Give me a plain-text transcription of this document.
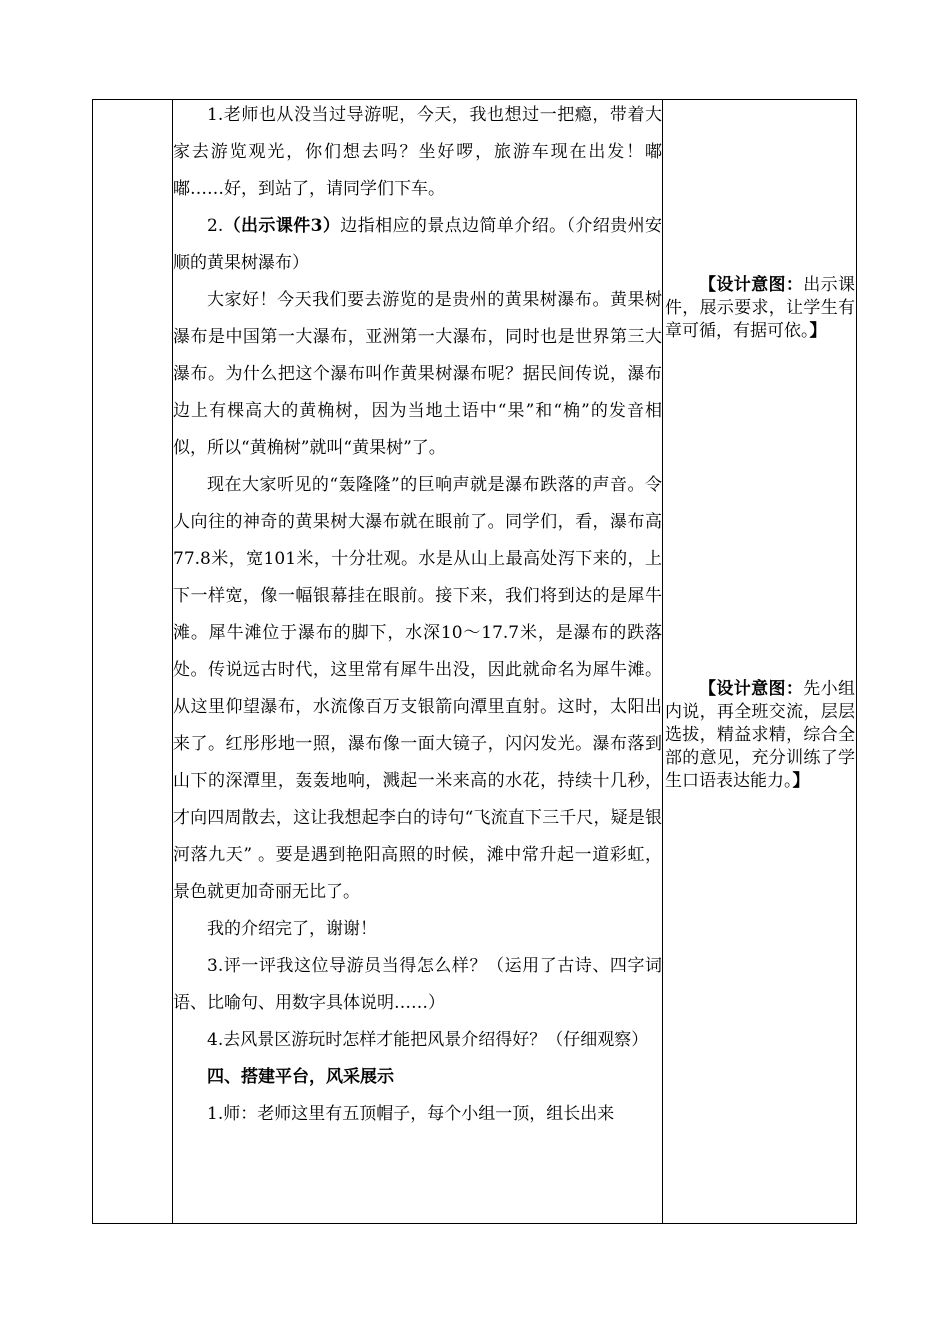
1.老师也从没当过导游呢，今天，我也想过一把瘾，带着大家去游览观光，你们想去吗？坐好啰，旅游车现在出发！嘟嘟……好，到站了，请同学们下车。

2.（出示课件3）边指相应的景点边简单介绍。（介绍贵州安顺的黄果树瀑布）

大家好！今天我们要去游览的是贵州的黄果树瀑布。黄果树瀑布是中国第一大瀑布，亚洲第一大瀑布，同时也是世界第三大瀑布。为什么把这个瀑布叫作黄果树瀑布呢？据民间传说，瀑布边上有棵高大的黄桷树，因为当地土语中“果”和“桷”的发音相似，所以“黄桷树”就叫“黄果树”了。

现在大家听见的“轰隆隆”的巨响声就是瀑布跌落的声音。令人向往的神奇的黄果树大瀑布就在眼前了。同学们，看，瀑布高77.8米，宽101米，十分壮观。水是从山上最高处泻下来的，上下一样宽，像一幅银幕挂在眼前。接下来，我们将到达的是犀牛滩。犀牛滩位于瀑布的脚下，水深10～17.7米，是瀑布的跌落处。传说远古时代，这里常有犀牛出没，因此就命名为犀牛滩。从这里仰望瀑布，水流像百万支银箭向潭里直射。这时，太阳出来了。红彤彤地一照，瀑布像一面大镜子，闪闪发光。瀑布落到山下的深潭里，轰轰地响，溅起一米来高的水花，持续十几秒，才向四周散去，这让我想起李白的诗句“飞流直下三千尺，疑是银河落九天” 。要是遇到艳阳高照的时候，滩中常升起一道彩虹，景色就更加奇丽无比了。

我的介绍完了，谢谢！

3.评一评我这位导游员当得怎么样？（运用了古诗、四字词语、比喻句、用数字具体说明……）

4.去风景区游玩时怎样才能把风景介绍得好？（仔细观察）

四、搭建平台，风采展示

1.师：老师这里有五顶帽子，每个小组一顶，组长出来

【设计意图：出示课件，展示要求，让学生有章可循，有据可依。】
【设计意图：先小组内说，再全班交流，层层选拔，精益求精，综合全部的意见，充分训练了学生口语表达能力。】
